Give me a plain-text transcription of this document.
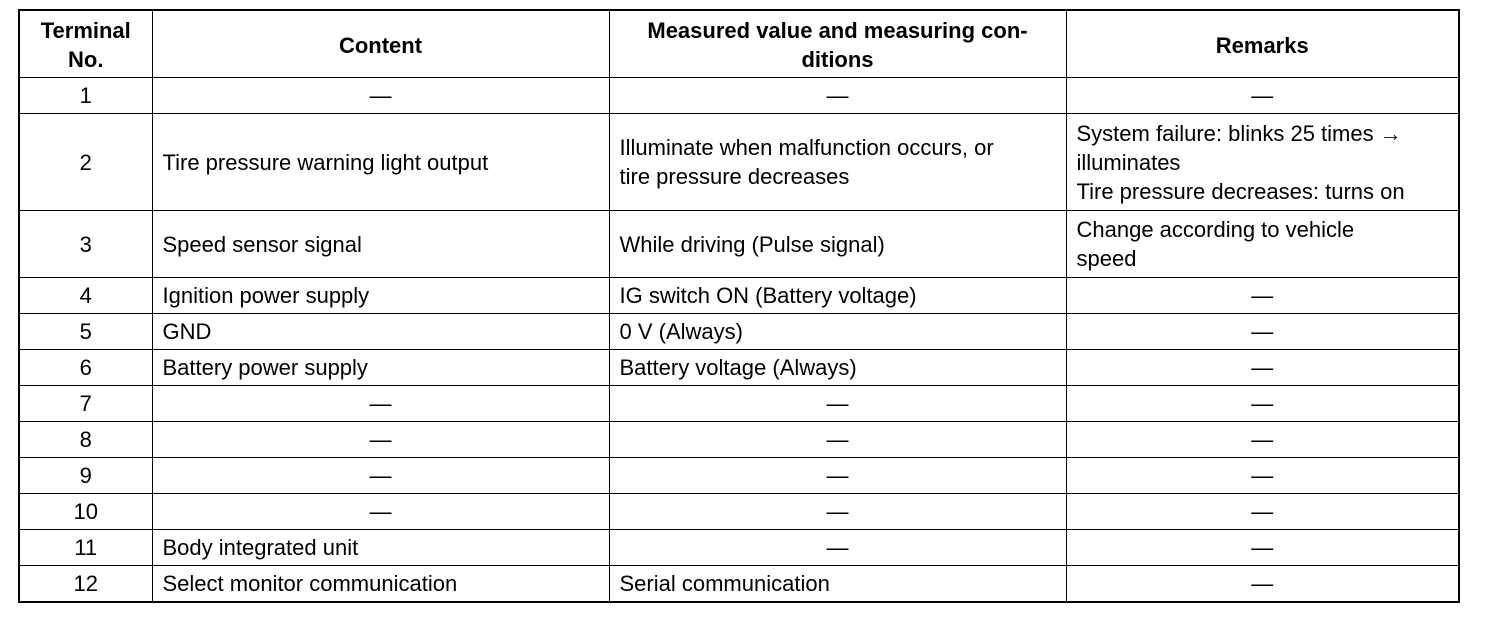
Terminal
No.	Content	Measured value and measuring con-
ditions	Remarks
1	—	—	—
2	Tire pressure warning light output	Illuminate when malfunction occurs, or
tire pressure decreases	System failure: blinks 25 times →
illuminates
Tire pressure decreases: turns on

3	Speed sensor signal	While driving (Pulse signal)	Change according to vehicle
speed

4	Ignition power supply	IG switch ON (Battery voltage)	—
5	GND	0 V (Always)	—
6	Battery power supply	Battery voltage (Always)	—
7	—	—	—
8	—	—	—
9	—	—	—
10	—	—	—
11	Body integrated unit	—	—
12	Select monitor communication	Serial communication	—
